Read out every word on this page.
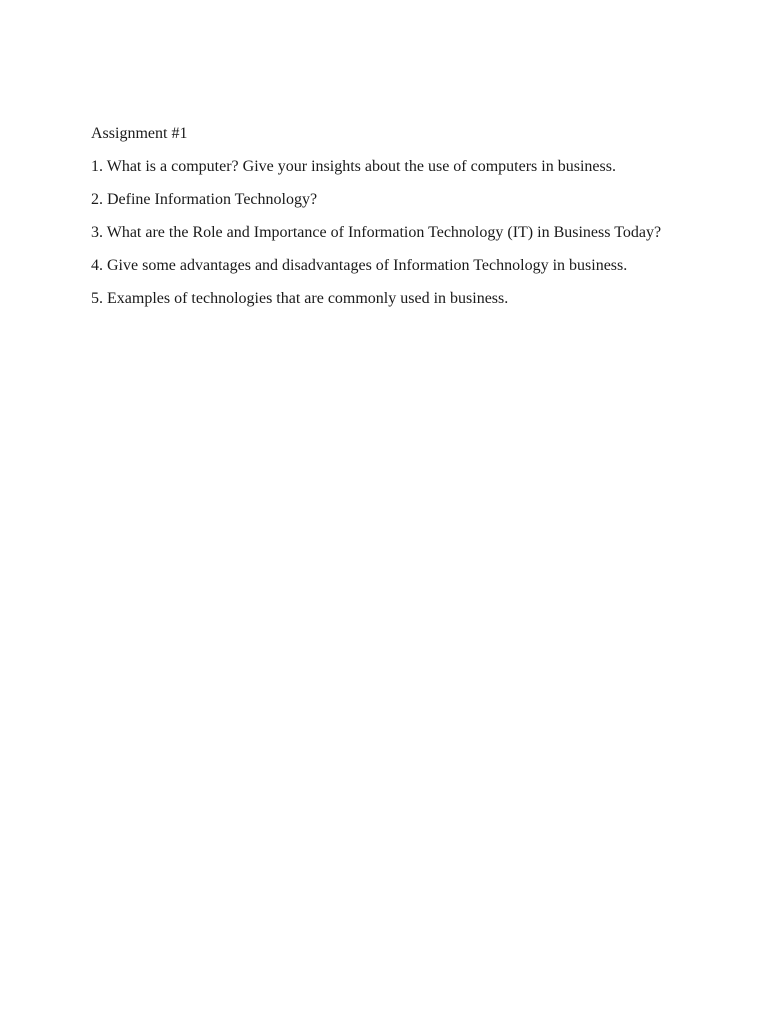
Assignment #1

1. What is a computer? Give your insights about the use of computers in business.

2. Define Information Technology?

3. What are the Role and Importance of Information Technology (IT) in Business Today?

4. Give some advantages and disadvantages of Information Technology in business.

5. Examples of technologies that are commonly used in business.
